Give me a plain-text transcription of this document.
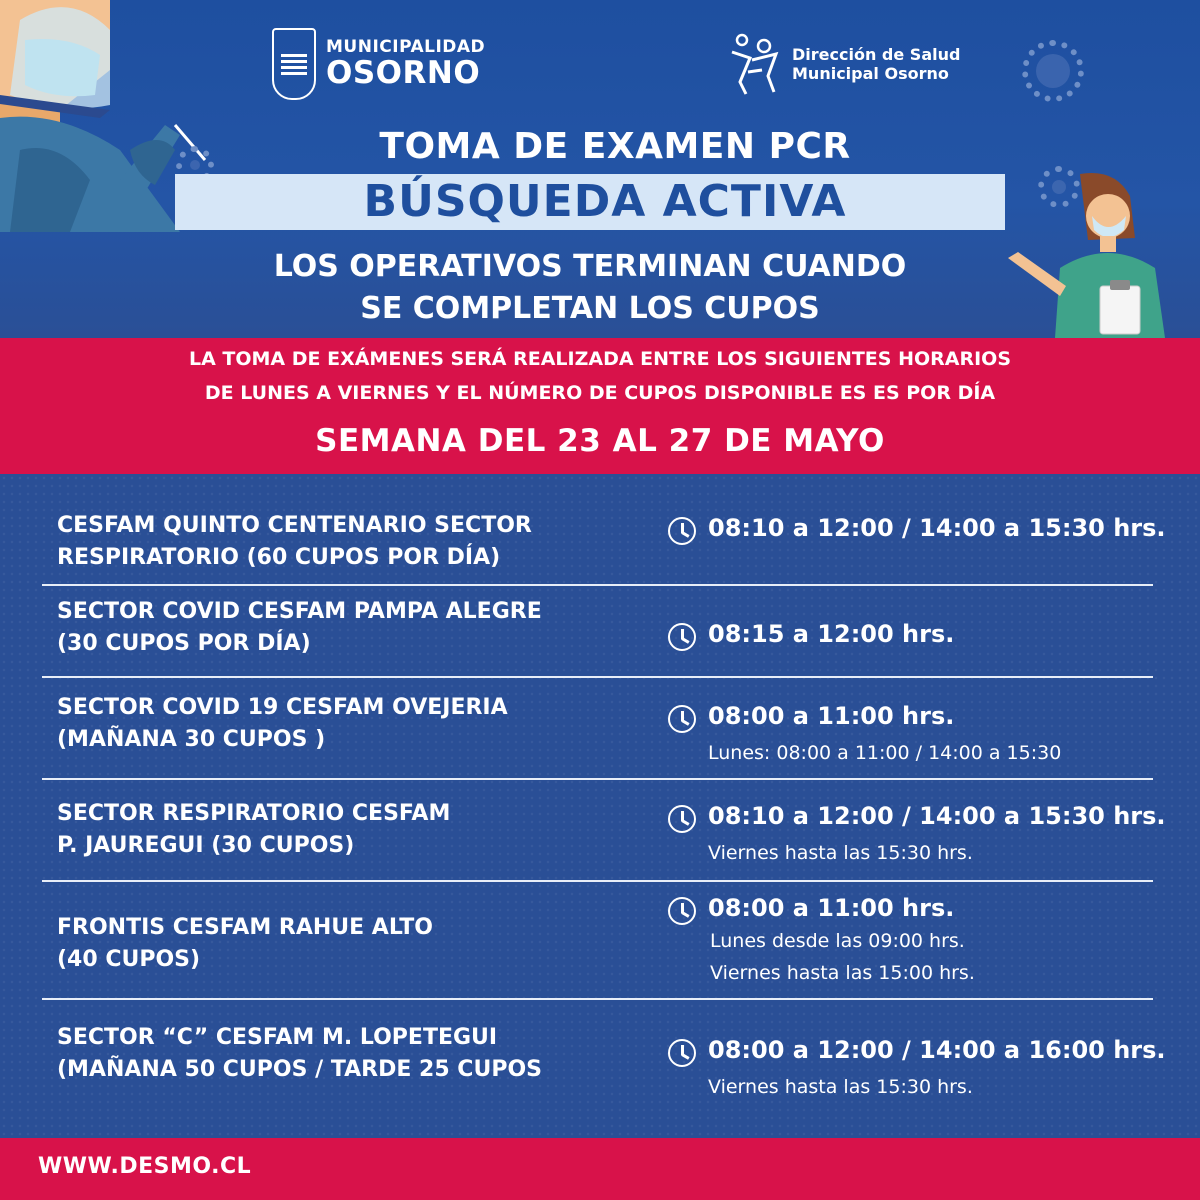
MUNICIPALIDAD
OSORNO
Dirección de Salud
Municipal Osorno
TOMA DE EXAMEN PCR
BÚSQUEDA ACTIVA
LOS OPERATIVOS TERMINAN CUANDO
SE COMPLETAN LOS CUPOS
LA TOMA DE EXÁMENES SERÁ REALIZADA ENTRE LOS SIGUIENTES HORARIOS
DE LUNES A VIERNES Y EL NÚMERO DE CUPOS DISPONIBLE ES ES POR DÍA
SEMANA DEL 23 AL 27 DE MAYO
CESFAM QUINTO CENTENARIO SECTOR
RESPIRATORIO (60 CUPOS POR DÍA)
08:10 a 12:00 / 14:00 a 15:30 hrs.
SECTOR COVID CESFAM PAMPA ALEGRE
(30 CUPOS POR DÍA)	08:15 a 12:00 hrs.
SECTOR COVID 19 CESFAM OVEJERIA
(MAÑANA 30 CUPOS )
08:00 a 11:00 hrs.
Lunes: 08:00 a 11:00 / 14:00 a 15:30
SECTOR RESPIRATORIO CESFAM
P. JAUREGUI (30 CUPOS)
08:10 a 12:00 / 14:00 a 15:30 hrs.
Viernes hasta las 15:30 hrs.
FRONTIS CESFAM RAHUE ALTO
(40 CUPOS)
08:00 a 11:00 hrs.
Lunes desde las 09:00 hrs.
Viernes hasta las 15:00 hrs.
SECTOR “C” CESFAM M. LOPETEGUI
(MAÑANA 50 CUPOS / TARDE 25 CUPOS
08:00 a 12:00 / 14:00 a 16:00 hrs.
Viernes hasta las 15:30 hrs.
WWW.DESMO.CL
